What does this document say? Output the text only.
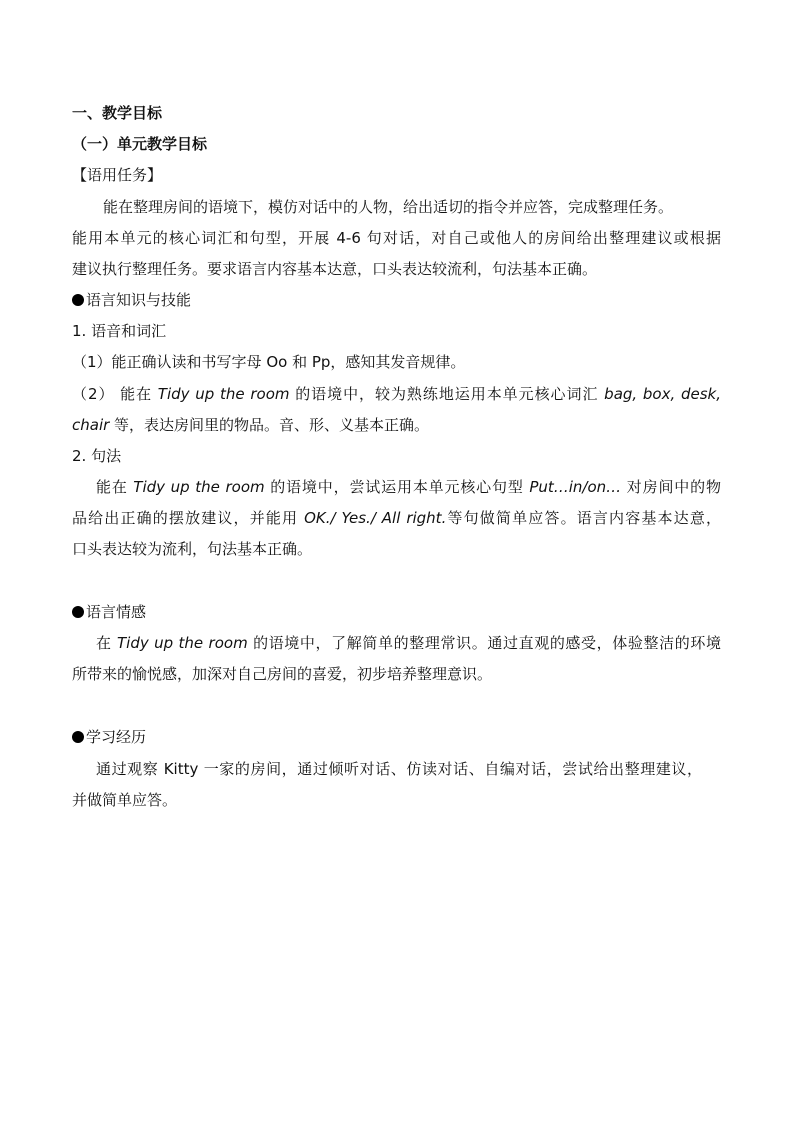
一、教学目标
（一）单元教学目标
【语用任务】
能在整理房间的语境下，模仿对话中的人物，给出适切的指令并应答，完成整理任务。
能用本单元的核心词汇和句型，开展 4-6 句对话，对自己或他人的房间给出整理建议或根据
建议执行整理任务。要求语言内容基本达意，口头表达较流利，句法基本正确。
语言知识与技能
1. 语音和词汇
（1）能正确认读和书写字母 Oo 和 Pp，感知其发音规律。
（2） 能在 Tidy up the room 的语境中，较为熟练地运用本单元核心词汇 bag, box, desk,
chair 等，表达房间里的物品。音、形、义基本正确。
2. 句法
能在 Tidy up the room 的语境中，尝试运用本单元核心句型 Put…in/on… 对房间中的物
品给出正确的摆放建议，并能用 OK./ Yes./ All right.等句做简单应答。语言内容基本达意，
口头表达较为流利，句法基本正确。
语言情感
在 Tidy up the room 的语境中，了解简单的整理常识。通过直观的感受，体验整洁的环境
所带来的愉悦感，加深对自己房间的喜爱，初步培养整理意识。
学习经历
通过观察 Kitty 一家的房间，通过倾听对话、仿读对话、自编对话，尝试给出整理建议，
并做简单应答。
